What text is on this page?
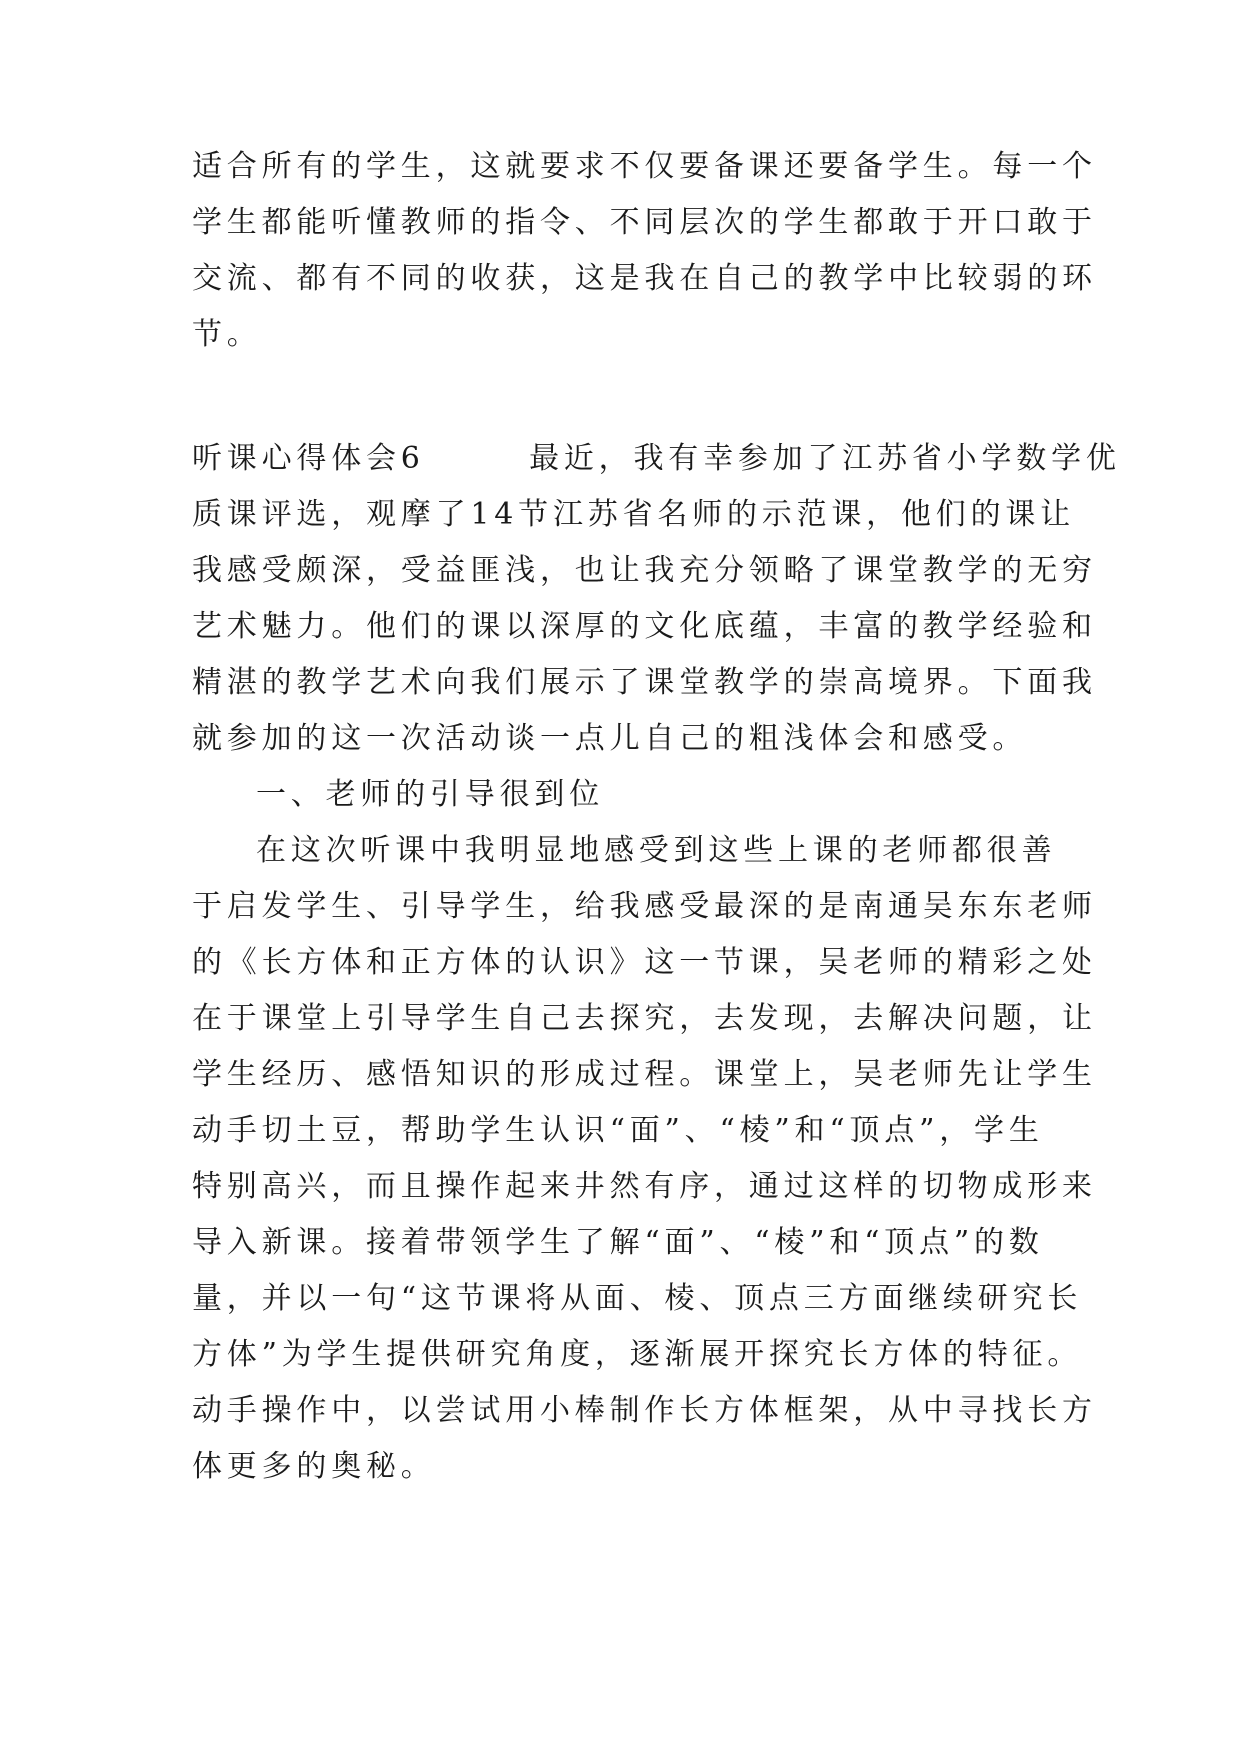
适合所有的学生，这就要求不仅要备课还要备学生。每一个

学生都能听懂教师的指令、不同层次的学生都敢于开口敢于

交流、都有不同的收获，这是我在自己的教学中比较弱的环

节。

听课心得体会6　　　最近，我有幸参加了江苏省小学数学优

质课评选，观摩了14节江苏省名师的示范课，他们的课让

我感受颇深，受益匪浅，也让我充分领略了课堂教学的无穷

艺术魅力。他们的课以深厚的文化底蕴，丰富的教学经验和

精湛的教学艺术向我们展示了课堂教学的崇高境界。下面我

就参加的这一次活动谈一点儿自己的粗浅体会和感受。

一、老师的引导很到位

在这次听课中我明显地感受到这些上课的老师都很善

于启发学生、引导学生，给我感受最深的是南通吴东东老师

的《长方体和正方体的认识》这一节课，吴老师的精彩之处

在于课堂上引导学生自己去探究，去发现，去解决问题，让

学生经历、感悟知识的形成过程。课堂上，吴老师先让学生

动手切土豆，帮助学生认识“面”、“棱”和“顶点”，学生

特别高兴，而且操作起来井然有序，通过这样的切物成形来

导入新课。接着带领学生了解“面”、“棱”和“顶点”的数

量，并以一句“这节课将从面、棱、顶点三方面继续研究长

方体”为学生提供研究角度，逐渐展开探究长方体的特征。

动手操作中，以尝试用小棒制作长方体框架，从中寻找长方

体更多的奥秘。
